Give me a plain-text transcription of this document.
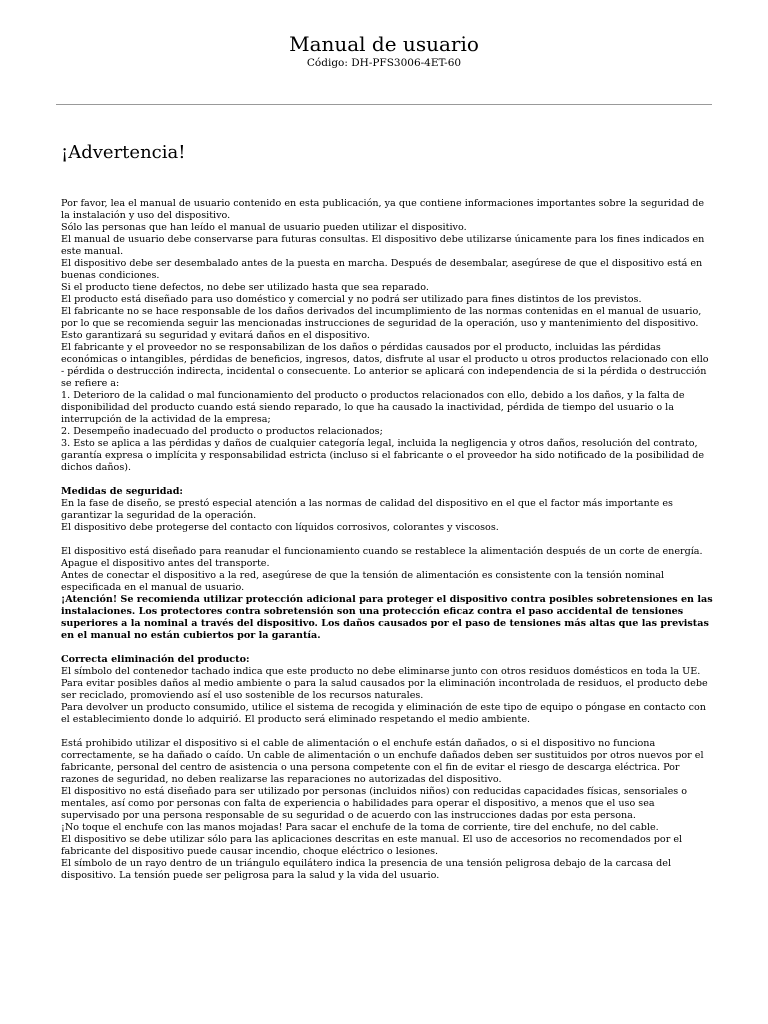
Manual de usuario
Código: DH-PFS3006-4ET-60
¡Advertencia!

Por favor, lea el manual de usuario contenido en esta publicación, ya que contiene informaciones importantes sobre la seguridad de la instalación y uso del dispositivo.

Sólo las personas que han leído el manual de usuario pueden utilizar el dispositivo.

El manual de usuario debe conservarse para futuras consultas. El dispositivo debe utilizarse únicamente para los fines indicados en este manual.

El dispositivo debe ser desembalado antes de la puesta en marcha. Después de desembalar, asegúrese de que el dispositivo está en buenas condiciones.

Si el producto tiene defectos, no debe ser utilizado hasta que sea reparado.

El producto está diseñado para uso doméstico y comercial y no podrá ser utilizado para fines distintos de los previstos.

El fabricante no se hace responsable de los daños derivados del incumplimiento de las normas contenidas en el manual de usuario, por lo que se recomienda seguir las mencionadas instrucciones de seguridad de la operación, uso y mantenimiento del dispositivo. Esto garantizará su seguridad y evitará daños en el dispositivo.

El fabricante y el proveedor no se responsabilizan de los daños o pérdidas causados por el producto, incluidas las pérdidas económicas o intangibles, pérdidas de beneficios, ingresos, datos, disfrute al usar el producto u otros productos relacionado con ello - pérdida o destrucción indirecta, incidental o consecuente. Lo anterior se aplicará con independencia de si la pérdida o destrucción se refiere a:

1. Deterioro de la calidad o mal funcionamiento del producto o productos relacionados con ello, debido a los daños, y la falta de disponibilidad del producto cuando está siendo reparado, lo que ha causado la inactividad, pérdida de tiempo del usuario o la interrupción de la actividad de la empresa;

2. Desempeño inadecuado del producto o productos relacionados;

3. Esto se aplica a las pérdidas y daños de cualquier categoría legal, incluida la negligencia y otros daños, resolución del contrato, garantía expresa o implícita y responsabilidad estricta (incluso si el fabricante o el proveedor ha sido notificado de la posibilidad de dichos daños).

Medidas de seguridad:

En la fase de diseño, se prestó especial atención a las normas de calidad del dispositivo en el que el factor más importante es garantizar la seguridad de la operación.

El dispositivo debe protegerse del contacto con líquidos corrosivos, colorantes y viscosos.

El dispositivo está diseñado para reanudar el funcionamiento cuando se restablece la alimentación después de un corte de energía.

Apague el dispositivo antes del transporte.

Antes de conectar el dispositivo a la red, asegúrese de que la tensión de alimentación es consistente con la tensión nominal especificada en el manual de usuario.

¡Atención! Se recomienda utilizar protección adicional para proteger el dispositivo contra posibles sobretensiones en las instalaciones. Los protectores contra sobretensión son una protección eficaz contra el paso accidental de tensiones superiores a la nominal a través del dispositivo. Los daños causados por el paso de tensiones más altas que las previstas en el manual no están cubiertos por la garantía.

Correcta eliminación del producto:

El símbolo del contenedor tachado indica que este producto no debe eliminarse junto con otros residuos domésticos en toda la UE.

Para evitar posibles daños al medio ambiente o para la salud causados por la eliminación incontrolada de residuos, el producto debe ser reciclado, promoviendo así el uso sostenible de los recursos naturales.

Para devolver un producto consumido, utilice el sistema de recogida y eliminación de este tipo de equipo o póngase en contacto con el establecimiento donde lo adquirió. El producto será eliminado respetando el medio ambiente.

Está prohibido utilizar el dispositivo si el cable de alimentación o el enchufe están dañados, o si el dispositivo no funciona correctamente, se ha dañado o caído. Un cable de alimentación o un enchufe dañados deben ser sustituidos por otros nuevos por el fabricante, personal del centro de asistencia o una persona competente con el fin de evitar el riesgo de descarga eléctrica. Por razones de seguridad, no deben realizarse las reparaciones no autorizadas del dispositivo.

El dispositivo no está diseñado para ser utilizado por personas (incluidos niños) con reducidas capacidades físicas, sensoriales o mentales, así como por personas con falta de experiencia o habilidades para operar el dispositivo, a menos que el uso sea supervisado por una persona responsable de su seguridad o de acuerdo con las instrucciones dadas por esta persona.

¡No toque el enchufe con las manos mojadas! Para sacar el enchufe de la toma de corriente, tire del enchufe, no del cable.

El dispositivo se debe utilizar sólo para las aplicaciones descritas en este manual. El uso de accesorios no recomendados por el fabricante del dispositivo puede causar incendio, choque eléctrico o lesiones.

El símbolo de un rayo dentro de un triángulo equilátero indica la presencia de una tensión peligrosa debajo de la carcasa del dispositivo. La tensión puede ser peligrosa para la salud y la vida del usuario.
